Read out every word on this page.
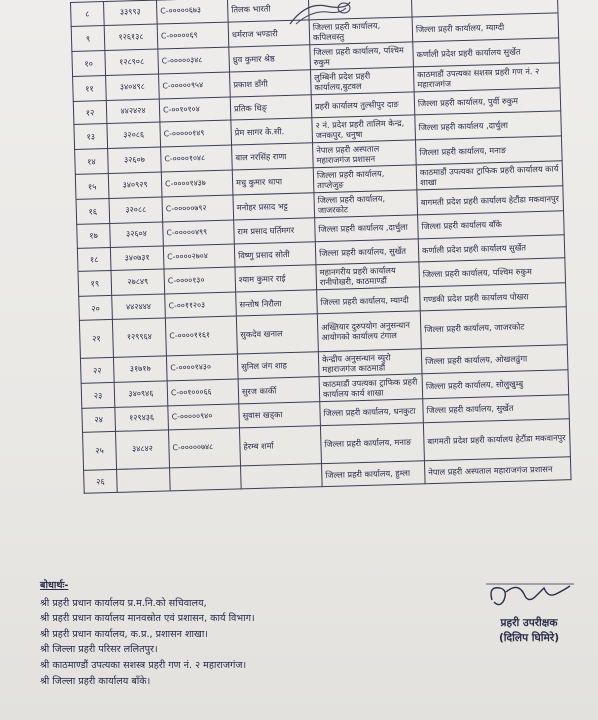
८	३३९९३	C-०००००६७३	तिलक भारती		
९	१२६१३८	C-०००००६९	धर्मराज भण्डारी	जिल्ला प्रहरी कार्यालय, कपिलवस्तु	जिल्ला प्रहरी कार्यालय, म्याग्दी
१०	१२८९०८	C-०००००३४८	ध्रुव कुमार श्रेष्ठ	जिल्ला प्रहरी कार्यालय, पश्चिम रुकुम	कर्णाली प्रदेश प्रहरी कार्यालय सुर्खेत
११	३४०४९८	C-०००००९५४	प्रकाश डाँगी	लुम्बिनी प्रदेश प्रहरी कार्यालय,बुटवल	काठमाडौं उपत्यका सशस्त्र प्रहरी गण नं. २ महाराजगंज
१२	४४२४२४	C-००१०१०४	प्रतिक थिङ्	प्रहरी कार्यालय तुल्सीपुर दाङ	जिल्ला प्रहरी कार्यालय, पुर्वी रुकुम
१३	३२०८६	C-०००००१४९	प्रेम सागर के.सी.	२ नं. प्रदेश प्रहरी तालिम केन्द्र, जनकपुर, धनुषा	जिल्ला प्रहरी कार्यालय ,दार्चुला
१४	३२६०७	C-००००१०४८	बाल नरसिंह राणा	नेपाल प्रहरी अस्पताल महाराजगंज प्रशासन	जिल्ला प्रहरी कार्यालय, मनाङ
१५	३४०९२९	C-००००१४३७	मधु कुमार थापा	जिल्ला प्रहरी कार्यालय, ताप्लेजुङ	काठमाडौं उपत्यका ट्राफिक प्रहरी कार्यालय कार्य शाखा
१६	३२०८८	C-०००००७९२	मनोहर प्रसाद भट्ट	जिल्ला प्रहरी कार्यालय, जाजरकोट	बागमती प्रदेश प्रहरी कार्यालय हेटौंडा मकवानपुर
१७	३२६०४	C-०००००४९९	राम प्रसाद घर्तिमगर	जिल्ला प्रहरी कार्यालय ,दार्चुला	जिल्ला प्रहरी कार्यालय बाँके
१८	३४०७३१	C-००००२७०४	विष्णु प्रसाद सोती	जिल्ला प्रहरी कार्यालय, सुर्खेत	कर्णाली प्रदेश प्रहरी कार्यालय सुर्खेत
१९	२७८४९	C-००००१३०	श्याम कुमार राई	महानगरीय प्रहरी कार्यालय रानीपोखरी, काठमाण्डौं	जिल्ला प्रहरी कार्यालय, पश्चिम रुकुम
२०	४४२४४४	C-००११२०३	सन्तोष निरौला	जिल्ला प्रहरी कार्यालय, म्याग्दी	गण्डकी प्रदेश प्रहरी कार्यालय पोखरा
२१	१२९९६४	C-००००११६१	सुकदेव खनाल	अख्तियार दुरुपयोग अनुसन्धान आयोगको कार्यालय टंगाल	जिल्ला प्रहरी कार्यालय, जाजरकोट
२२	३१७१७	C-००००१४३०	सुनिल जंग शाह	केन्द्रीय अनुसन्धान ब्युरो महाराजगंज काठमाडौं	जिल्ला प्रहरी कार्यालय, ओखलढुंगा
२३	३४०९४६	C-००१०००६६	सुरज कार्की	काठमाडौं उपत्यका ट्राफिक प्रहरी कार्यालय कार्य शाखा	जिल्ला प्रहरी कार्यालय, सोलुखुम्बु
२४	१२९४३६	C-०००००९४०	सुवास खड्का	जिल्ला प्रहरी कार्यालय, धनकुटा	जिल्ला प्रहरी कार्यालय, सुर्खेत
२५	३४८४२	C-०००००७४८	हेरम्ब शर्मा	जिल्ला प्रहरी कार्यालय, मनाङ	बागमती प्रदेश प्रहरी कार्यालय हेटौंडा मकवानपुर
२६				जिल्ला प्रहरी कार्यालय, हुम्ला	नेपाल प्रहरी अस्पताल महाराजगंज प्रशासन
बोधार्थः-
श्री प्रहरी प्रधान कार्यालय प्र.म.नि.को सचिवालय,
श्री प्रहरी प्रधान कार्यालय मानवस्रोत एवं प्रशासन, कार्य विभाग।
श्री प्रहरी प्रधान कार्यालय, क.प्र., प्रशासन शाखा।
श्री जिल्ला प्रहरी परिसर ललितपुर।
श्री काठमाण्डौं उपत्यका सशस्त्र प्रहरी गण नं. २ महाराजगंज।
श्री जिल्ला प्रहरी कार्यालय बाँके।
प्रहरी उपरीक्षक
(दिलिप घिमिरे)
